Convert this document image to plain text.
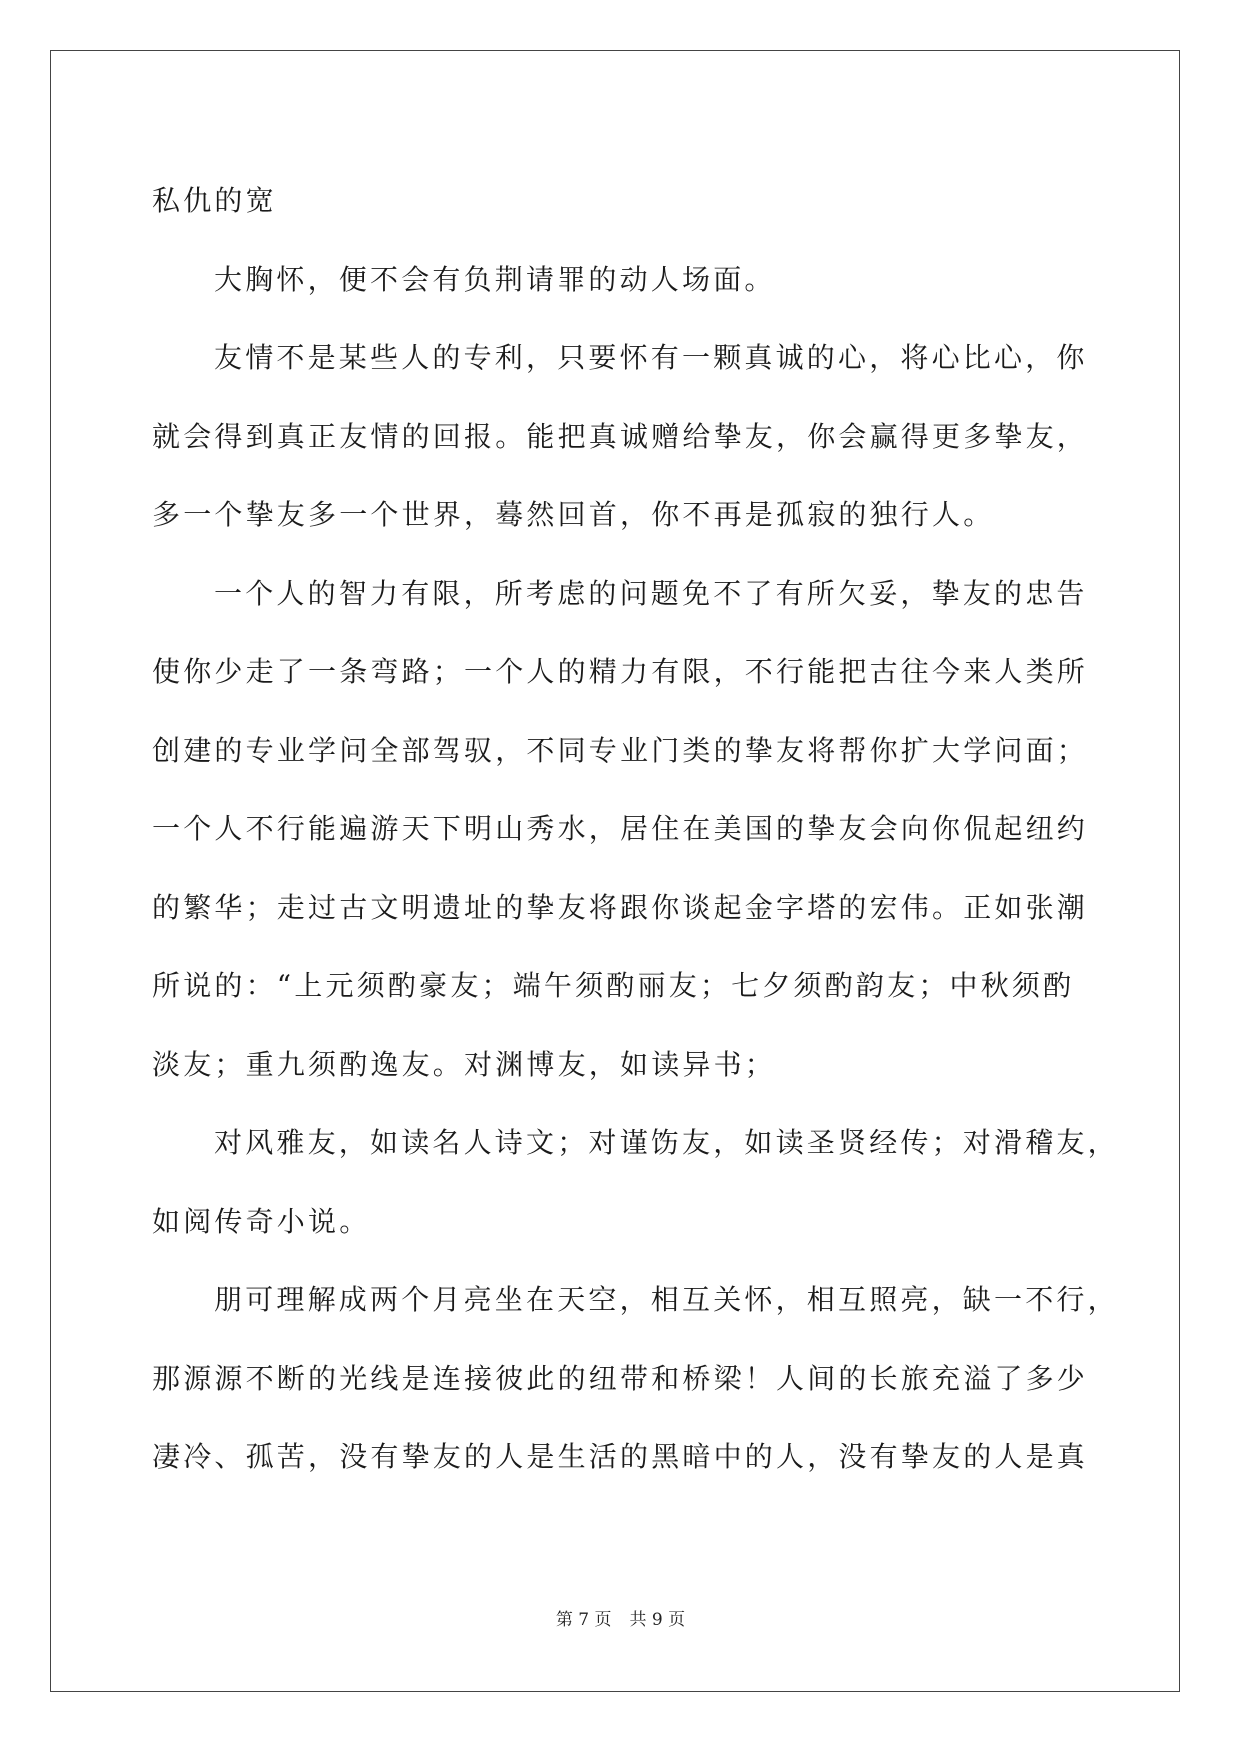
私仇的宽

大胸怀，便不会有负荆请罪的动人场面。

友情不是某些人的专利，只要怀有一颗真诚的心，将心比心，你

就会得到真正友情的回报。能把真诚赠给挚友，你会赢得更多挚友，

多一个挚友多一个世界，蓦然回首，你不再是孤寂的独行人。

一个人的智力有限，所考虑的问题免不了有所欠妥，挚友的忠告

使你少走了一条弯路；一个人的精力有限，不行能把古往今来人类所

创建的专业学问全部驾驭，不同专业门类的挚友将帮你扩大学问面；

一个人不行能遍游天下明山秀水，居住在美国的挚友会向你侃起纽约

的繁华；走过古文明遗址的挚友将跟你谈起金字塔的宏伟。正如张潮

所说的：“上元须酌豪友；端午须酌丽友；七夕须酌韵友；中秋须酌

淡友；重九须酌逸友。对渊博友，如读异书；

对风雅友，如读名人诗文；对谨饬友，如读圣贤经传；对滑稽友，

如阅传奇小说。

朋可理解成两个月亮坐在天空，相互关怀，相互照亮，缺一不行，

那源源不断的光线是连接彼此的纽带和桥梁！人间的长旅充溢了多少

凄冷、孤苦，没有挚友的人是生活的黑暗中的人，没有挚友的人是真

第 7 页 共 9 页
